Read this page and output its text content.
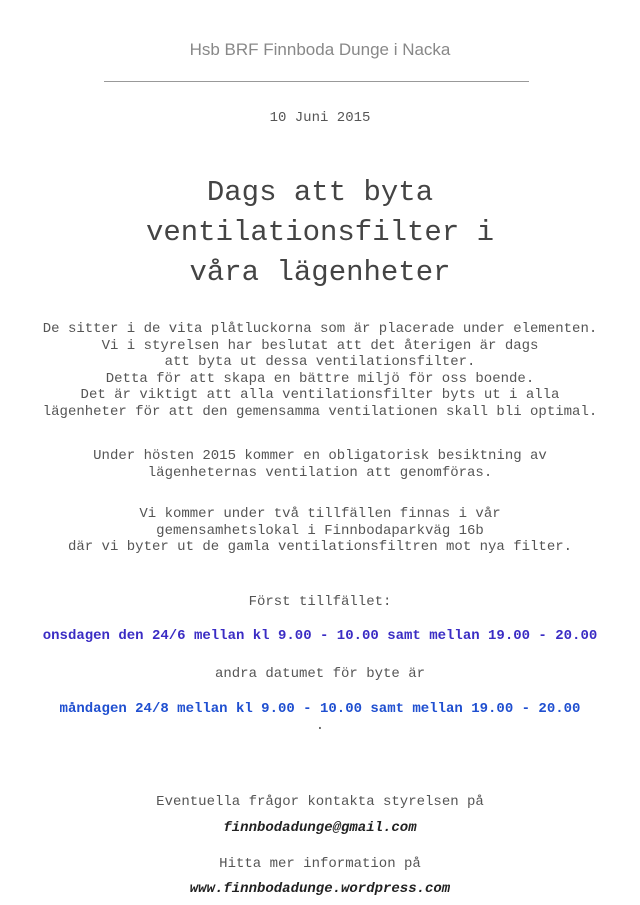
Hsb BRF Finnboda Dunge i Nacka
10 Juni 2015
Dags att byta
ventilationsfilter i
våra lägenheter
De sitter i de vita plåtluckorna som är placerade under elementen.
Vi i styrelsen har beslutat att det återigen är dags
att byta ut dessa ventilationsfilter.
Detta för att skapa en bättre miljö för oss boende.
Det är viktigt att alla ventilationsfilter byts ut i alla
lägenheter för att den gemensamma ventilationen skall bli optimal.
Under hösten 2015 kommer en obligatorisk besiktning av
lägenheternas ventilation att genomföras.
Vi kommer under två tillfällen finnas i vår
gemensamhetslokal i Finnbodaparkväg 16b
där vi byter ut de gamla ventilationsfiltren mot nya filter.
Först tillfället:
onsdagen den 24/6 mellan kl 9.00 - 10.00 samt mellan 19.00 - 20.00
andra datumet för byte är
måndagen 24/8 mellan kl 9.00 - 10.00 samt mellan 19.00 - 20.00
.
Eventuella frågor kontakta styrelsen på
finnbodadunge@gmail.com
Hitta mer information på
www.finnbodadunge.wordpress.com
